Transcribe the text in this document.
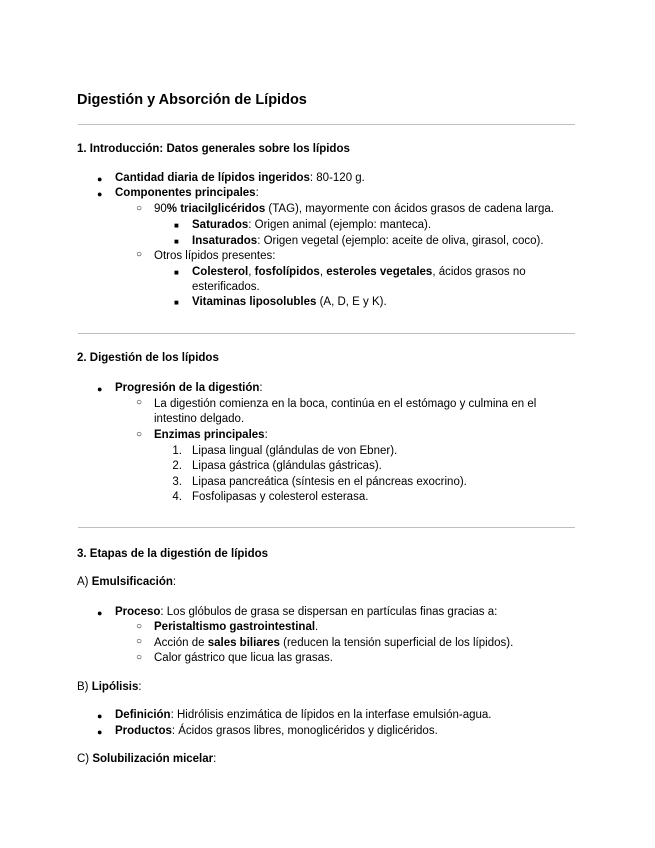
Digestión y Absorción de Lípidos
1. Introducción: Datos generales sobre los lípidos
● Cantidad diaria de lípidos ingeridos: 80-120 g.
● Componentes principales:
○ 90% triacilglicéridos (TAG), mayormente con ácidos grasos de cadena larga.
■ Saturados: Origen animal (ejemplo: manteca).
■ Insaturados: Origen vegetal (ejemplo: aceite de oliva, girasol, coco).
○ Otros lípidos presentes:
■ Colesterol, fosfolípidos, esteroles vegetales, ácidos grasos no
esterificados.
■ Vitaminas liposolubles (A, D, E y K).
2. Digestión de los lípidos
● Progresión de la digestión:
○ La digestión comienza en la boca, continúa en el estómago y culmina en el
intestino delgado.
○ Enzimas principales:
1. Lipasa lingual (glándulas de von Ebner).
2. Lipasa gástrica (glándulas gástricas).
3. Lipasa pancreática (síntesis en el páncreas exocrino).
4. Fosfolipasas y colesterol esterasa.
3. Etapas de la digestión de lípidos
A) Emulsificación:
● Proceso: Los glóbulos de grasa se dispersan en partículas finas gracias a:
○ Peristaltismo gastrointestinal.
○ Acción de sales biliares (reducen la tensión superficial de los lípidos).
○ Calor gástrico que licua las grasas.
B) Lipólisis:
● Definición: Hidrólisis enzimática de lípidos en la interfase emulsión-agua.
● Productos: Ácidos grasos libres, monoglicéridos y diglicéridos.
C) Solubilización micelar:
